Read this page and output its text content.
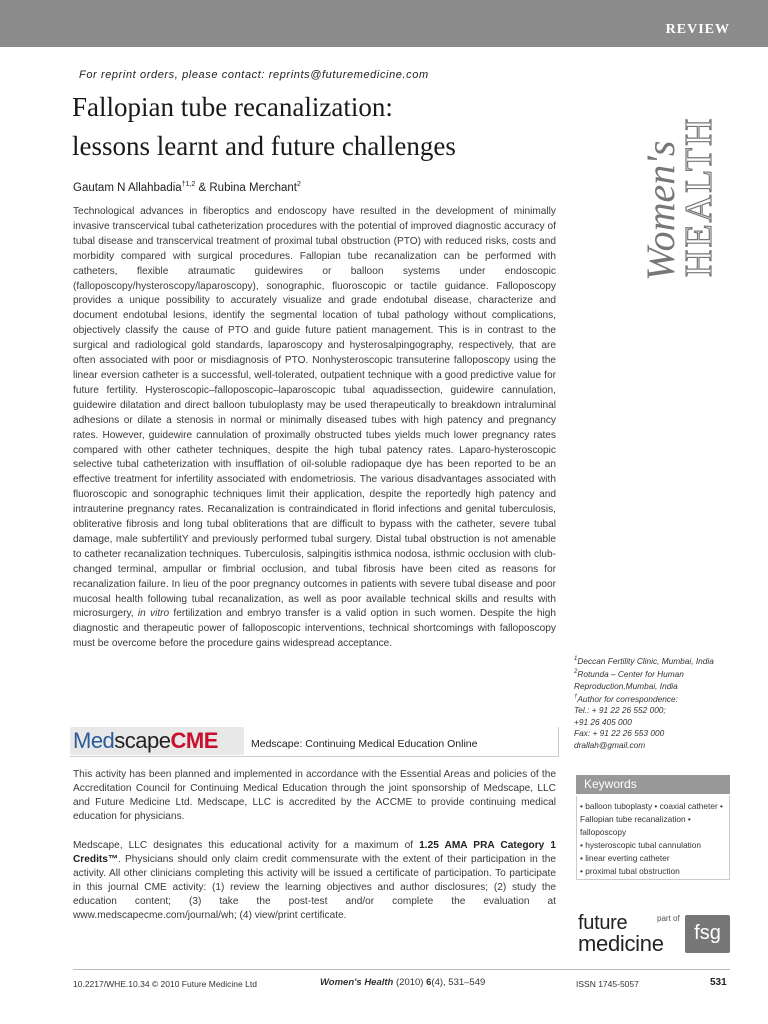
REVIEW
For reprint orders, please contact: reprints@futuremedicine.com
Fallopian tube recanalization:
lessons learnt and future challenges
Gautam N Allahbadia$^{\dagger 1,2}$ & Rubina Merchant$^2$
Technological advances in fiberoptics and endoscopy have resulted in the development of minimally invasive transcervical tubal catheterization procedures with the potential of improved diagnostic accuracy of tubal disease and transcervical treatment of proximal tubal obstruction (PTO) with reduced risks, costs and morbidity compared with surgical procedures. Fallopian tube recanalization can be performed with catheters, flexible atraumatic guidewires or balloon systems under endoscopic (falloposcopy/hysteroscopy/laparoscopy), sonographic, fluoroscopic or tactile guidance. Falloposcopy provides a unique possibility to accurately visualize and grade endotubal disease, characterize and document endotubal lesions, identify the segmental location of tubal pathology without complications, objectively classify the cause of PTO and guide future patient management. This is in contrast to the surgical and radiological gold standards, laparoscopy and hysterosalpingography, respectively, that are often associated with poor or misdiagnosis of PTO. Nonhysteroscopic transuterine falloposcopy using the linear eversion catheter is a successful, well-tolerated, outpatient technique with a good predictive value for future fertility. Hysteroscopic–falloposcopic–laparoscopic tubal aquadissection, guidewire cannulation, guidewire dilatation and direct balloon tubuloplasty may be used therapeutically to breakdown intraluminal adhesions or dilate a stenosis in normal or minimally diseased tubes with high patency and pregnancy rates. However, guidewire cannulation of proximally obstructed tubes yields much lower pregnancy rates compared with other catheter techniques, despite the high tubal patency rates. Laparo-hysteroscopic selective tubal catheterization with insufflation of oil-soluble radiopaque dye has been reported to be an effective treatment for infertility associated with endometriosis. The various disadvantages associated with fluoroscopic and sonographic techniques limit their application, despite the reportedly high patency and intrauterine pregnancy rates. Recanalization is contraindicated in florid infections and genital tuberculosis, obliterative fibrosis and long tubal obliterations that are difficult to bypass with the catheter, severe tubal damage, male subfertilitY and previously performed tubal surgery. Distal tubal obstruction is not amenable to catheter recanalization techniques. Tuberculosis, salpingitis isthmica nodosa, isthmic occlusion with club-changed terminal, ampullar or fimbrial occlusion, and tubal fibrosis have been cited as reasons for recanalization failure. In lieu of the poor pregnancy outcomes in patients with severe tubal disease and poor mucosal health following tubal recanalization, as well as poor available technical skills and results with microsurgery, in vitro fertilization and embryo transfer is a valid option in such women. Despite the high diagnostic and therapeutic power of falloposcopic interventions, technical shortcomings with falloposcopy must be overcome before the procedure gains widespread acceptance.
Women's
HEALTH

$^1$Deccan Fertility Clinic, Mumbai, India

$^2$Rotunda – Center for Human Reproduction,Mumbai, India

†Author for correspondence:

Tel.: + 91 22 26 552 000;

+91 26 405 000

Fax: + 91 22 26 553 000

drallah@gmail.com

MedscapeCME	Medscape: Continuing Medical Education Online
This activity has been planned and implemented in accordance with the Essential Areas and policies of the Accreditation Council for Continuing Medical Education through the joint sponsorship of Medscape, LLC and Future Medicine Ltd. Medscape, LLC is accredited by the ACCME to provide continuing medical education for physicians.
Medscape, LLC designates this educational activity for a maximum of 1.25 AMA PRA Category 1 Credits™. Physicians should only claim credit commensurate with the extent of their participation in the activity. All other clinicians completing this activity will be issued a certificate of participation. To participate in this journal CME activity: (1) review the learning objectives and author disclosures; (2) study the education content; (3) take the post-test and/or complete the evaluation at www.medscapecme.com/journal/wh; (4) view/print certificate.
Keywords
• balloon tuboplasty • coaxial catheter • Fallopian tube recanalization • falloposcopy
• hysteroscopic tubal cannulation
• linear everting catheter
• proximal tubal obstruction
future
medicine
part of
fsg
10.2217/WHE.10.34 © 2010 Future Medicine Ltd	Women's Health (2010) 6(4), 531–549	ISSN 1745-5057	531
